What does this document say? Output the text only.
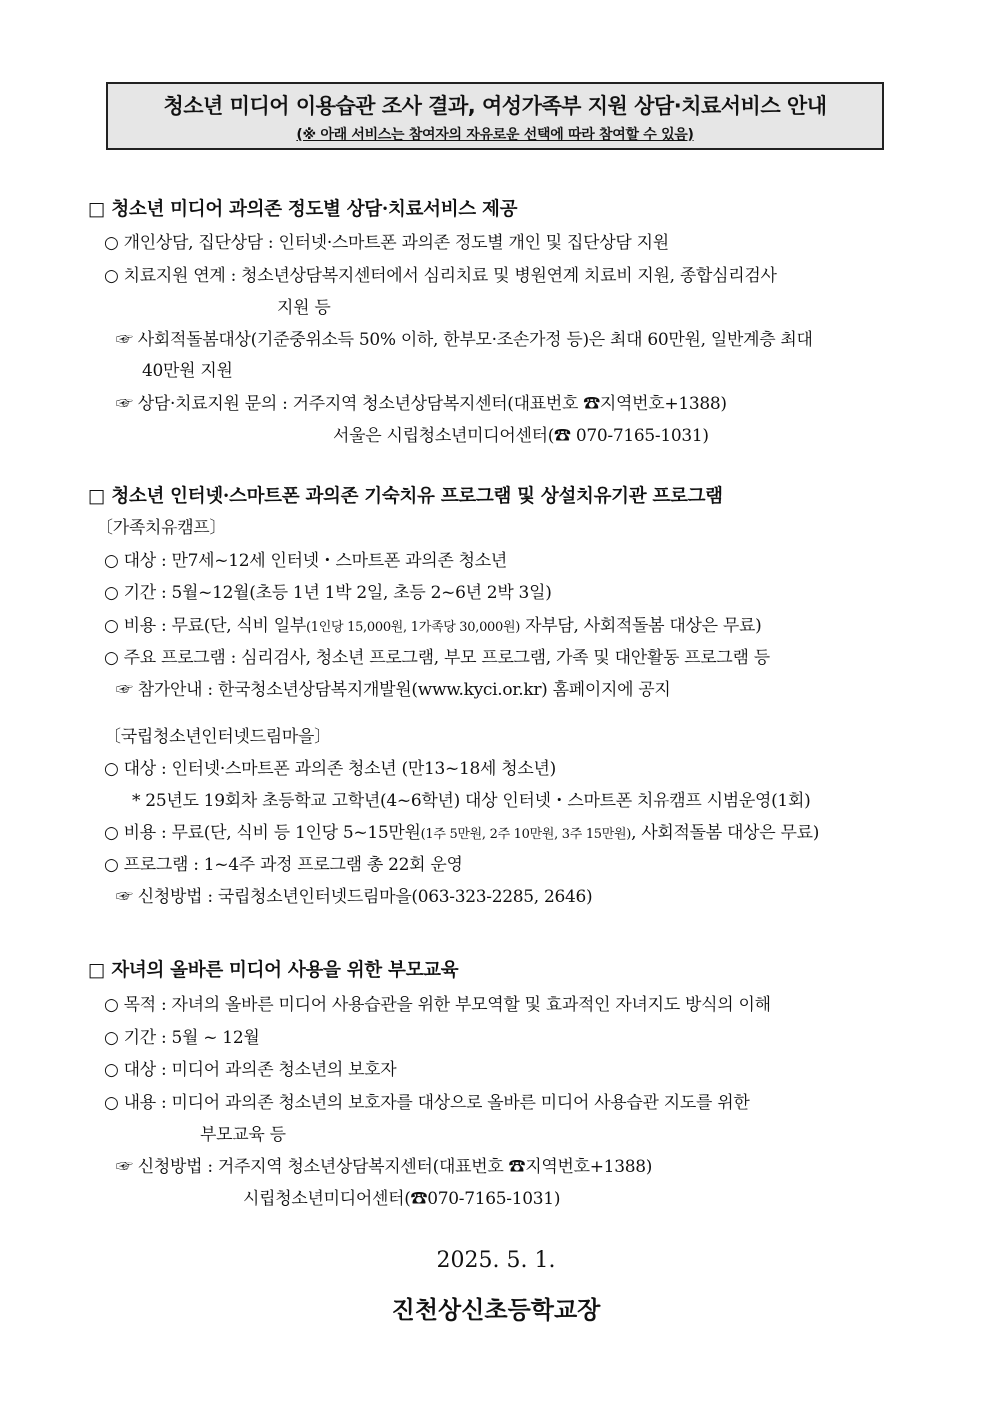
청소년 미디어 이용습관 조사 결과, 여성가족부 지원 상담·치료서비스 안내
(※ 아래 서비스는 참여자의 자유로운 선택에 따라 참여할 수 있음)
□ 청소년 미디어 과의존 정도별 상담·치료서비스 제공
○ 개인상담, 집단상담 : 인터넷·스마트폰 과의존 정도별 개인 및 집단상담 지원
○ 치료지원 연계 : 청소년상담복지센터에서 심리치료 및 병원연계 치료비 지원, 종합심리검사
지원 등
☞ 사회적돌봄대상(기준중위소득 50% 이하, 한부모·조손가정 등)은 최대 60만원, 일반계층 최대
40만원 지원
☞ 상담·치료지원 문의 : 거주지역 청소년상담복지센터(대표번호 ☎지역번호+1388)
서울은 시립청소년미디어센터(☎ 070-7165-1031)
□ 청소년 인터넷·스마트폰 과의존 기숙치유 프로그램 및 상설치유기관 프로그램
〔가족치유캠프〕
○ 대상 : 만7세~12세 인터넷・스마트폰 과의존 청소년
○ 기간 : 5월~12월(초등 1년 1박 2일, 초등 2~6년 2박 3일)
○ 비용 : 무료(단, 식비 일부(1인당 15,000원, 1가족당 30,000원) 자부담, 사회적돌봄 대상은 무료)
○ 주요 프로그램 : 심리검사, 청소년 프로그램, 부모 프로그램, 가족 및 대안활동 프로그램 등
☞ 참가안내 : 한국청소년상담복지개발원(www.kyci.or.kr) 홈페이지에 공지
〔국립청소년인터넷드림마을〕
○ 대상 : 인터넷·스마트폰 과의존 청소년 (만13~18세 청소년)
* 25년도 19회차 초등학교 고학년(4~6학년) 대상 인터넷・스마트폰 치유캠프 시범운영(1회)
○ 비용 : 무료(단, 식비 등 1인당 5~15만원(1주 5만원, 2주 10만원, 3주 15만원), 사회적돌봄 대상은 무료)
○ 프로그램 : 1~4주 과정 프로그램 총 22회 운영
☞ 신청방법 : 국립청소년인터넷드림마을(063-323-2285, 2646)
□ 자녀의 올바른 미디어 사용을 위한 부모교육
○ 목적 : 자녀의 올바른 미디어 사용습관을 위한 부모역할 및 효과적인 자녀지도 방식의 이해
○ 기간 : 5월 ~ 12월
○ 대상 : 미디어 과의존 청소년의 보호자
○ 내용 : 미디어 과의존 청소년의 보호자를 대상으로 올바른 미디어 사용습관 지도를 위한
부모교육 등
☞ 신청방법 : 거주지역 청소년상담복지센터(대표번호 ☎지역번호+1388)
시립청소년미디어센터(☎070-7165-1031)
2025. 5. 1.
진천상신초등학교장
